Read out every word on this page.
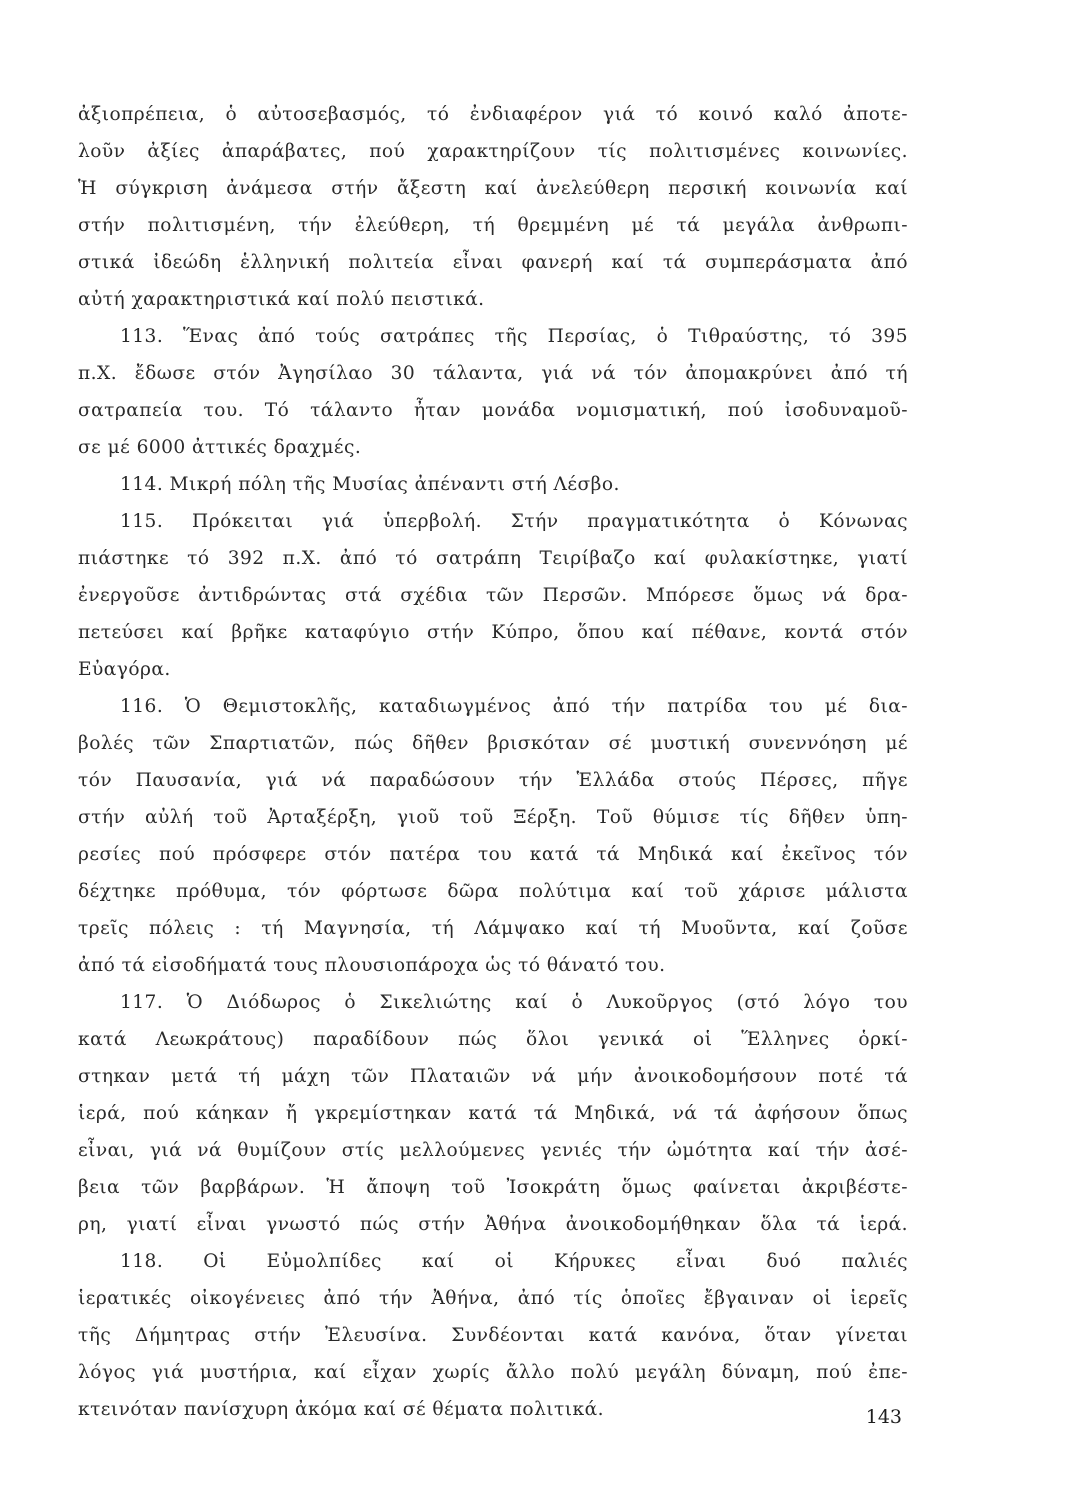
ἀξιοπρέπεια, ὁ αὐτοσεβασμός, τό ἐνδιαφέρον γιά τό κοινό καλό ἀποτε-
λοῦν ἀξίες ἀπαράβατες, πού χαρακτηρίζουν τίς πολιτισμένες κοινωνίες.
Ἡ σύγκριση ἀνάμεσα στήν ἄξεστη καί ἀνελεύθερη περσική κοινωνία καί
στήν πολιτισμένη, τήν ἐλεύθερη, τή θρεμμένη μέ τά μεγάλα ἀνθρωπι-
στικά ἰδεώδη ἑλληνική πολιτεία εἶναι φανερή καί τά συμπεράσματα ἀπό
αὐτή χαρακτηριστικά καί πολύ πειστικά.
113. Ἕνας ἀπό τούς σατράπες τῆς Περσίας, ὁ Τιθραύστης, τό 395
π.Χ. ἔδωσε στόν Ἀγησίλαο 30 τάλαντα, γιά νά τόν ἀπομακρύνει ἀπό τή
σατραπεία του. Τό τάλαντο ἦταν μονάδα νομισματική, πού ἰσοδυναμοῦ-
σε μέ 6000 ἀττικές δραχμές.
114. Μικρή πόλη τῆς Μυσίας ἀπέναντι στή Λέσβο.
115. Πρόκειται γιά ὑπερβολή. Στήν πραγματικότητα ὁ Κόνωνας
πιάστηκε τό 392 π.Χ. ἀπό τό σατράπη Τειρίβαζο καί φυλακίστηκε, γιατί
ἐνεργοῦσε ἀντιδρώντας στά σχέδια τῶν Περσῶν. Μπόρεσε ὅμως νά δρα-
πετεύσει καί βρῆκε καταφύγιο στήν Κύπρο, ὅπου καί πέθανε, κοντά στόν
Εὐαγόρα.
116. Ὁ Θεμιστοκλῆς, καταδιωγμένος ἀπό τήν πατρίδα του μέ δια-
βολές τῶν Σπαρτιατῶν, πώς δῆθεν βρισκόταν σέ μυστική συνεννόηση μέ
τόν Παυσανία, γιά νά παραδώσουν τήν Ἑλλάδα στούς Πέρσες, πῆγε
στήν αὐλή τοῦ Ἀρταξέρξη, γιοῦ τοῦ Ξέρξη. Τοῦ θύμισε τίς δῆθεν ὑπη-
ρεσίες πού πρόσφερε στόν πατέρα του κατά τά Μηδικά καί ἐκεῖνος τόν
δέχτηκε πρόθυμα, τόν φόρτωσε δῶρα πολύτιμα καί τοῦ χάρισε μάλιστα
τρεῖς πόλεις : τή Μαγνησία, τή Λάμψακο καί τή Μυοῦντα, καί ζοῦσε
ἀπό τά εἰσοδήματά τους πλουσιοπάροχα ὡς τό θάνατό του.
117. Ὁ Διόδωρος ὁ Σικελιώτης καί ὁ Λυκοῦργος (στό λόγο του
κατά Λεωκράτους) παραδίδουν πώς ὅλοι γενικά οἱ Ἕλληνες ὁρκί-
στηκαν μετά τή μάχη τῶν Πλαταιῶν νά μήν ἀνοικοδομήσουν ποτέ τά
ἱερά, πού κάηκαν ἤ γκρεμίστηκαν κατά τά Μηδικά, νά τά ἀφήσουν ὅπως
εἶναι, γιά νά θυμίζουν στίς μελλούμενες γενιές τήν ὠμότητα καί τήν ἀσέ-
βεια τῶν βαρβάρων. Ἡ ἄποψη τοῦ Ἰσοκράτη ὅμως φαίνεται ἀκριβέστε-
ρη, γιατί εἶναι γνωστό πώς στήν Ἀθήνα ἀνοικοδομήθηκαν ὅλα τά ἱερά.
118. Οἱ Εὐμολπίδες καί οἱ Κήρυκες εἶναι δυό παλιές
ἱερατικές οἰκογένειες ἀπό τήν Ἀθήνα, ἀπό τίς ὁποῖες ἔβγαιναν οἱ ἱερεῖς
τῆς Δήμητρας στήν Ἐλευσίνα. Συνδέονται κατά κανόνα, ὅταν γίνεται
λόγος γιά μυστήρια, καί εἶχαν χωρίς ἄλλο πολύ μεγάλη δύναμη, πού ἐπε-
κτεινόταν πανίσχυρη ἀκόμα καί σέ θέματα πολιτικά.	143
